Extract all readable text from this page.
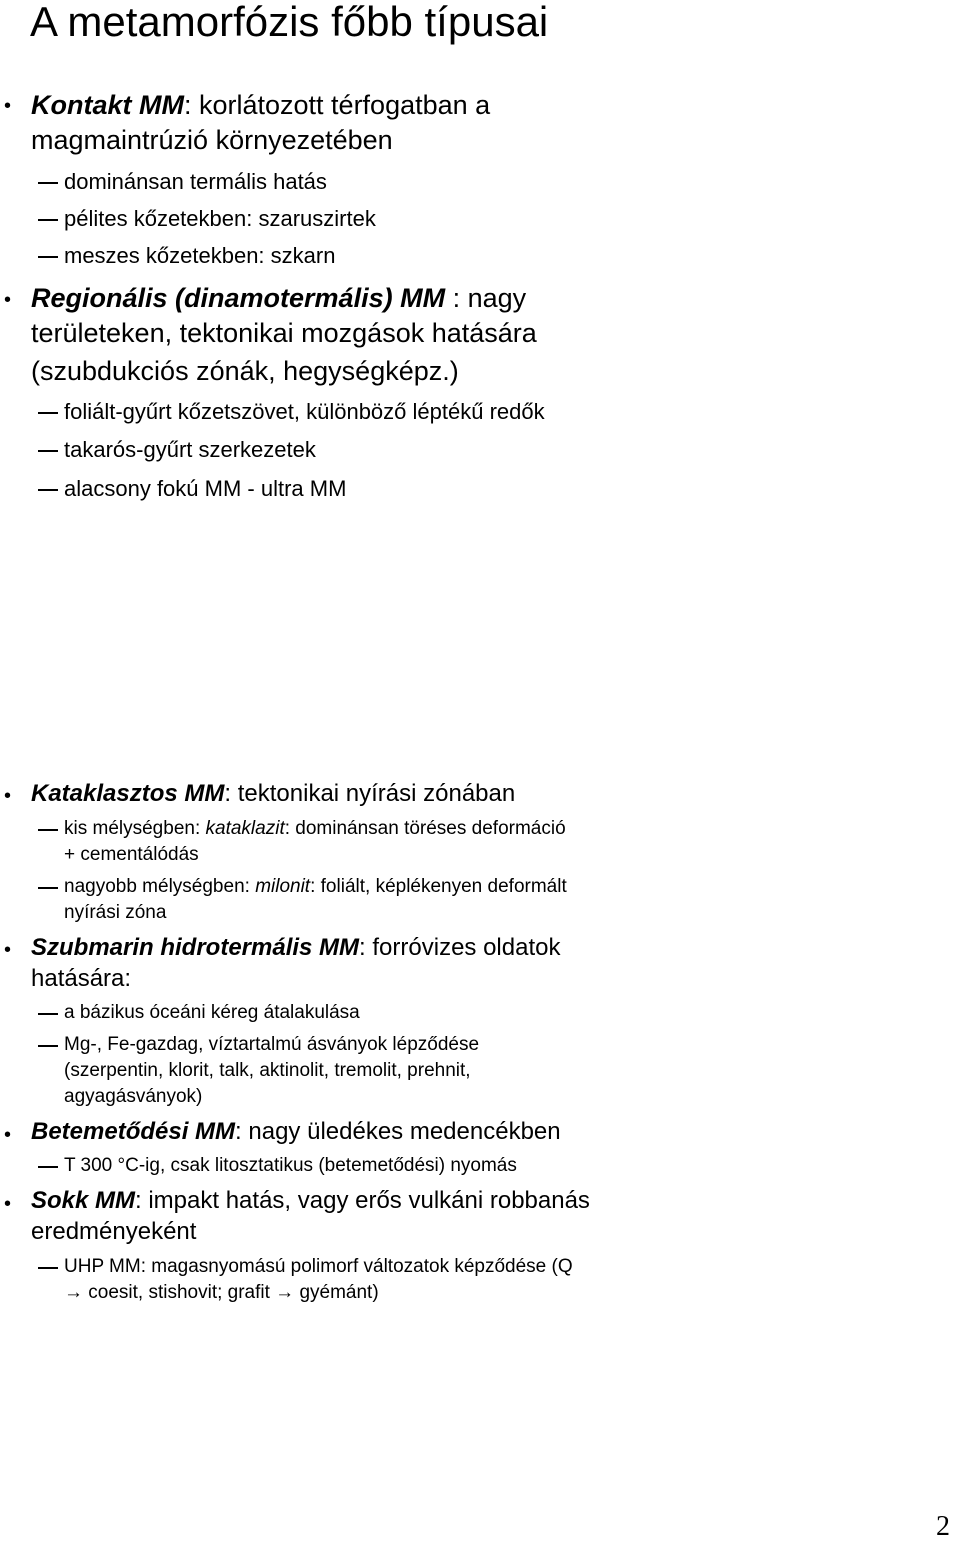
A metamorfózis főbb típusai
• Kontakt MM: korlátozott térfogatban a
magmaintrúzió környezetében
dominánsan termális hatás
pélites kőzetekben: szaruszirtek
meszes kőzetekben: szkarn
• Regionális (dinamotermális) MM : nagy
területeken, tektonikai mozgások hatására
(szubdukciós zónák, hegységképz.)
foliált-gyűrt kőzetszövet, különböző léptékű redők
takarós-gyűrt szerkezetek
alacsony fokú MM - ultra MM
• Kataklasztos MM: tektonikai nyírási zónában
kis mélységben: kataklazit: dominánsan töréses deformáció
+ cementálódás
nagyobb mélységben: milonit: foliált, képlékenyen deformált
nyírási zóna
• Szubmarin hidrotermális MM: forróvizes oldatok
hatására:
a bázikus óceáni kéreg átalakulása
Mg-, Fe-gazdag, víztartalmú ásványok lépződése
(szerpentin, klorit, talk, aktinolit, tremolit, prehnit,
agyagásványok)
• Betemetődési MM: nagy üledékes medencékben
T 300 °C-ig, csak litosztatikus (betemetődési) nyomás
• Sokk MM: impakt hatás, vagy erős vulkáni robbanás
eredményeként
UHP MM: magasnyomású polimorf változatok képződése (Q
→ coesit, stishovit; grafit → gyémánt)
2
